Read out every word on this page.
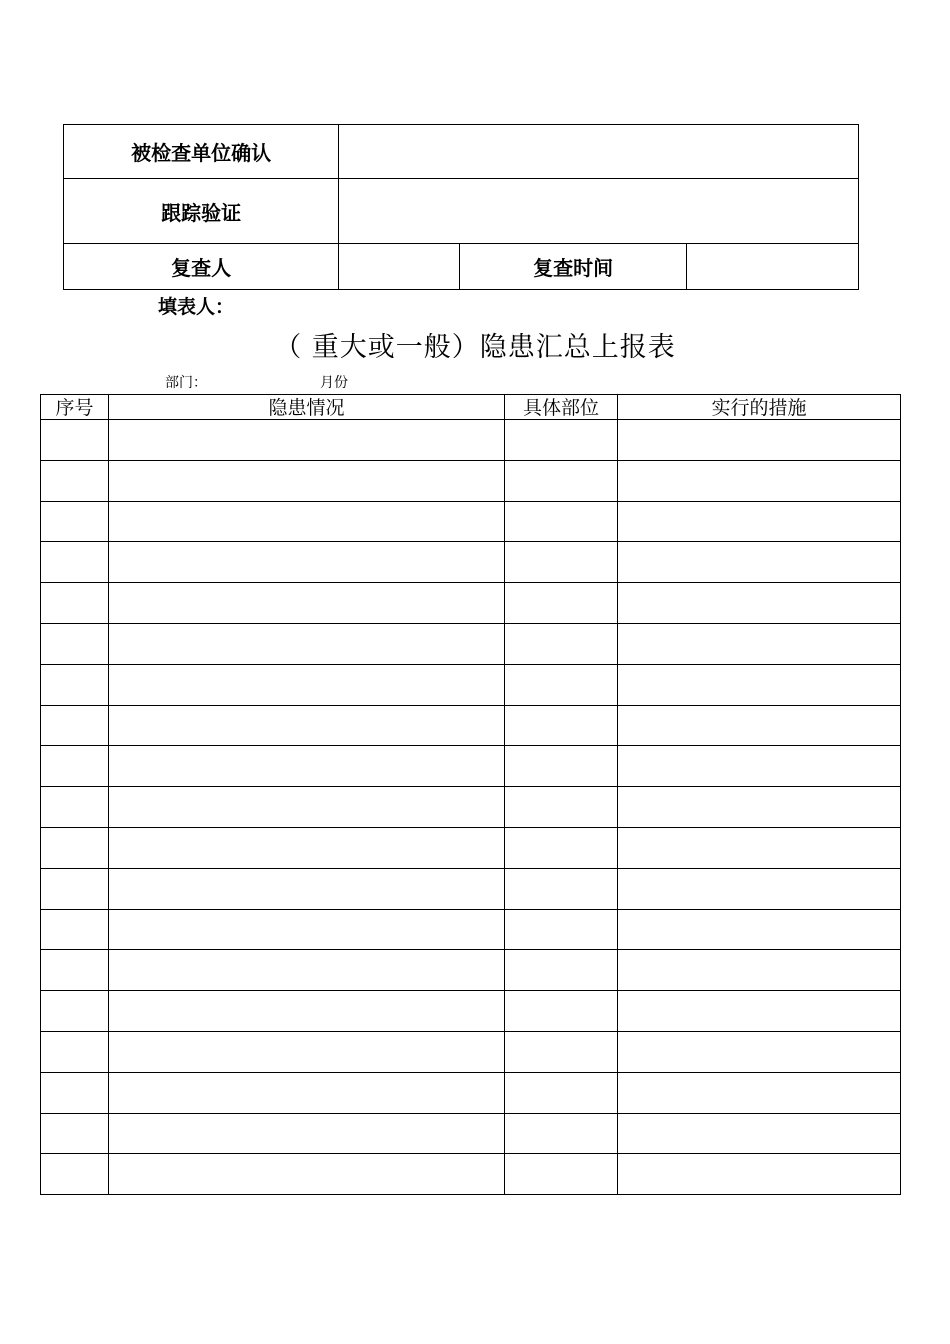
被检查单位确认			
跟踪验证			
复查人		复查时间	
填表人：
（ 重大或一般）隐患汇总上报表
部门：	月份
序号	隐患情况	具体部位	实行的措施
